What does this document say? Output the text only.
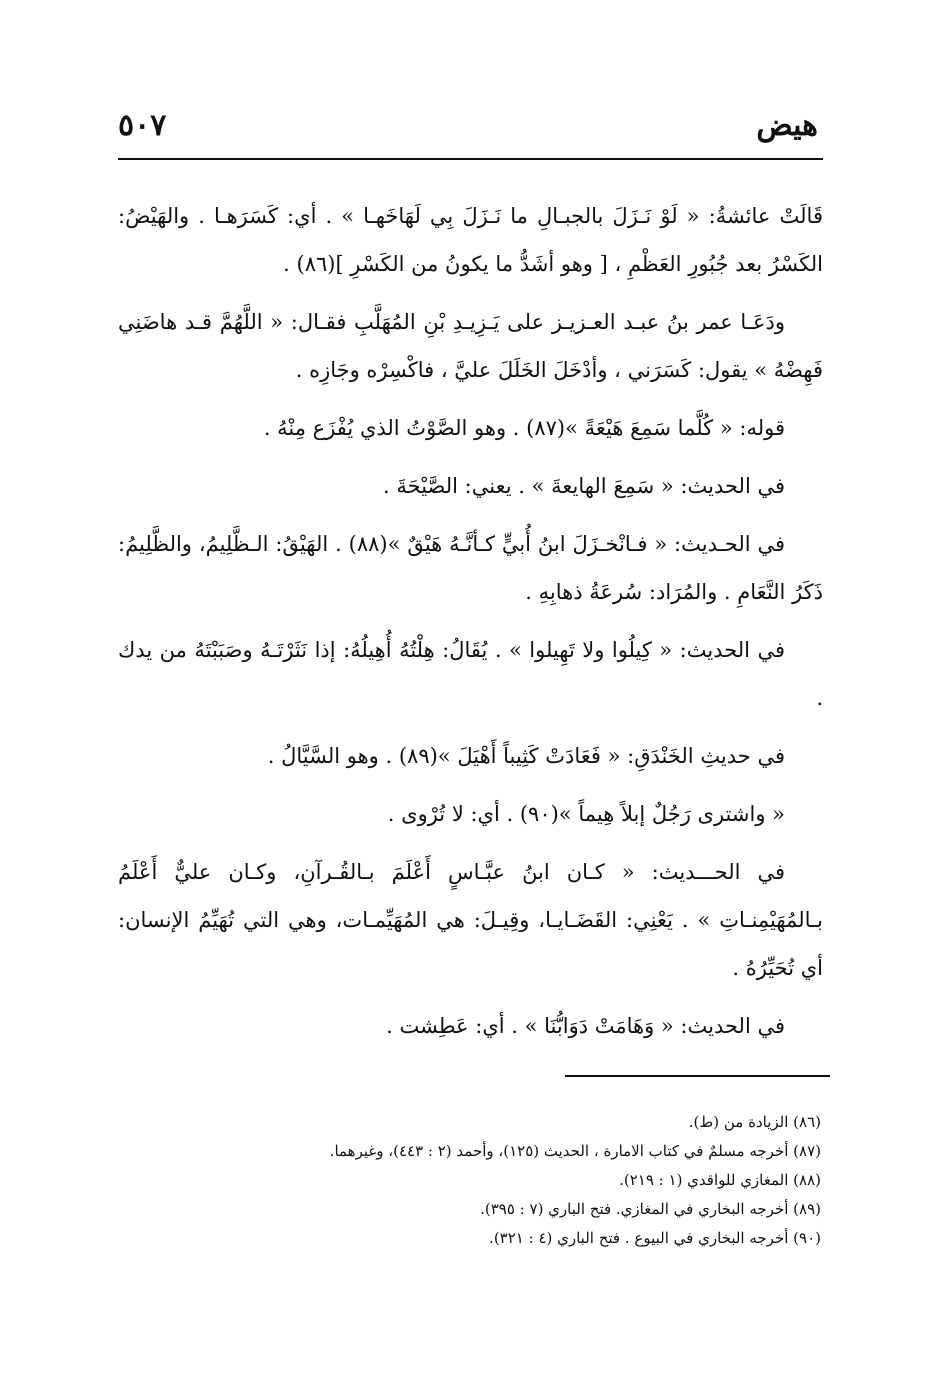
٥٠٧	هيض

قَالَتْ عائشةُ: « لَوْ نَـزَلَ بالجبـالِ ما نَـزَلَ بِي لَهَاخَهـا » . أي: كَسَرَهـا . والهَيْضُ: الكَسْرُ بعد جُبُورِ العَظْمِ ، [ وهو أشَدُّ ما يكونُ من الكَسْرِ ](٨٦) .

ودَعَـا عمر بنُ عبـد العـزيـز على يَـزِيـدِ بْنِ المُهَلَّبِ فقـال: « اللَّهُمَّ قـد هاضَنِي فَهِضْهُ » يقول: كَسَرَني ، وأدْخَلَ الخَلَلَ عليَّ ، فاكْسِرْه وجَازِه .

قوله: « كُلَّما سَمِعَ هَيْعَةً »(٨٧) . وهو الصَّوْتُ الذي يُفْزَع مِنْهُ .

في الحديث: « سَمِعَ الهايعةَ » . يعني: الصَّيْحَةَ .

في الحـديث: « فـانْخـزَلَ ابنُ أُبيٍّ كـأنَّـهُ هَيْقٌ »(٨٨) . الهَيْقُ: الـظَّلِيمُ، والظَّلِيمُ: ذَكَرُ النَّعَامِ . والمُرَاد: سُرعَةُ ذهابِهِ .

في الحديث: « كِيلُوا ولا تَهِيلوا » . يُقَالُ: هِلْتُهُ أُهِيلُهُ: إذا نَثَرْتَـهُ وصَبَبْتَهُ من يدك .

في حديثِ الخَنْدَقِ: « فَعَادَتْ كَثِيباً أَهْيَلَ »(٨٩) . وهو السَّيَّالُ .

« واشترى رَجُلٌ إبلاً هِيماً »(٩٠) . أي: لا تُرْوى .

في الحـــديث: « كـان ابنُ عبَّـاسٍ أَعْلَمَ بـالقُـرآنِ، وكـان عليٌّ أَعْلَمُ بـالمُهَيْمِنـاتِ » . يَعْنِي: القَضَـايـا، وقِيـلَ: هي المُهَيِّمـات، وهي التي تُهَيِّمُ الإنسان: أي تُحَيِّرُهُ .

في الحديث: « وَهَامَتْ دَوَابُّنَا » . أي: عَطِشت .

(٨٦) الزيادة من (ط).

(٨٧) أخرجه مسلمٌ في كتاب الامارة ، الحديث (١٢٥)، وأحمد (٢ : ٤٤٣)، وغيرهما.

(٨٨) المغازي للواقدي (١ : ٢١٩).

(٨٩) أخرجه البخاري في المغازي. فتح الباري (٧ : ٣٩٥).

(٩٠) أخرجه البخاري في البيوع . فتح الباري (٤ : ٣٢١).
